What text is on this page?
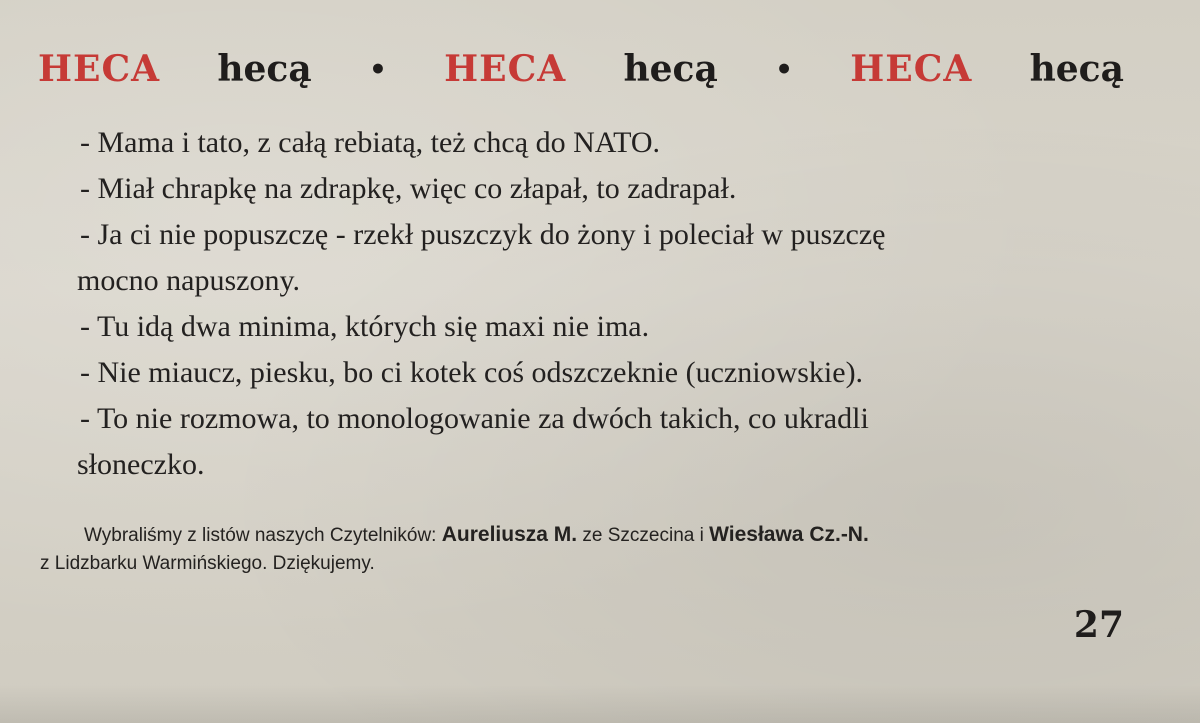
HECA hecą • HECA hecą • HECA hecą

- Mama i tato, z całą rebiatą, też chcą do NATO.

- Miał chrapkę na zdrapkę, więc co złapał, to zadrapał.

- Ja ci nie popuszczę - rzekł puszczyk do żony i poleciał w puszczę

mocno napuszony.

- Tu idą dwa minima, których się maxi nie ima.

- Nie miaucz, piesku, bo ci kotek coś odszczeknie (uczniowskie).

- To nie rozmowa, to monologowanie za dwóch takich, co ukradli

słoneczko.

Wybraliśmy z listów naszych Czytelników: Aureliusza M. ze Szczecina i Wiesława Cz.-N.
z Lidzbarku Warmińskiego. Dziękujemy.
27
